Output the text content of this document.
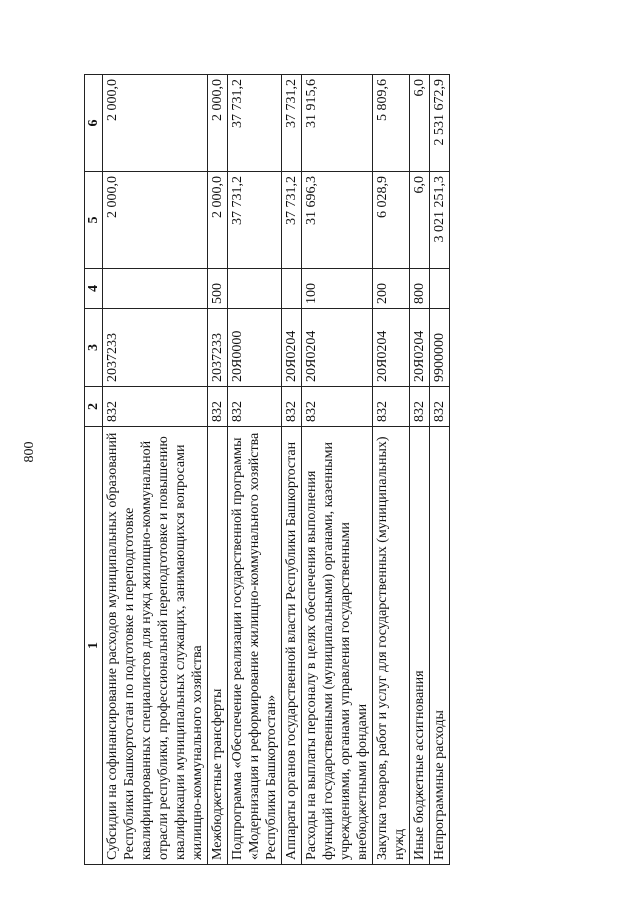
800
1	2	3	4	5	6
Субсидии на софинансирование расходов муниципальных образований Республики Башкортостан по подготовке и переподготовке квалифицированных специалистов для нужд жилищно-коммунальной отрасли республики, профессиональной переподготовке и повышению квалификации муниципальных служащих, занимающихся вопросами жилищно-коммунального хозяйства	832	2037233		2 000,0	2 000,0
Межбюджетные трансферты	832	2037233	500	2 000,0	2 000,0
Подпрограмма «Обеспечение реализации государственной программы «Модернизация и реформирование жилищно-коммунального хозяйства Республики Башкортостан»	832	20Я0000		37 731,2	37 731,2
Аппараты органов государственной власти Республики Башкортостан	832	20Я0204		37 731,2	37 731,2
Расходы на выплаты персоналу в целях обеспечения выполнения функций государственными (муниципальными) органами, казенными учреждениями, органами управления государственными внебюджетными фондами	832	20Я0204	100	31 696,3	31 915,6
Закупка товаров, работ и услуг для государственных (муниципальных) нужд	832	20Я0204	200	6 028,9	5 809,6
Иные бюджетные ассигнования	832	20Я0204	800	6,0	6,0
Непрограммные расходы	832	9900000		3 021 251,3	2 531 672,9
